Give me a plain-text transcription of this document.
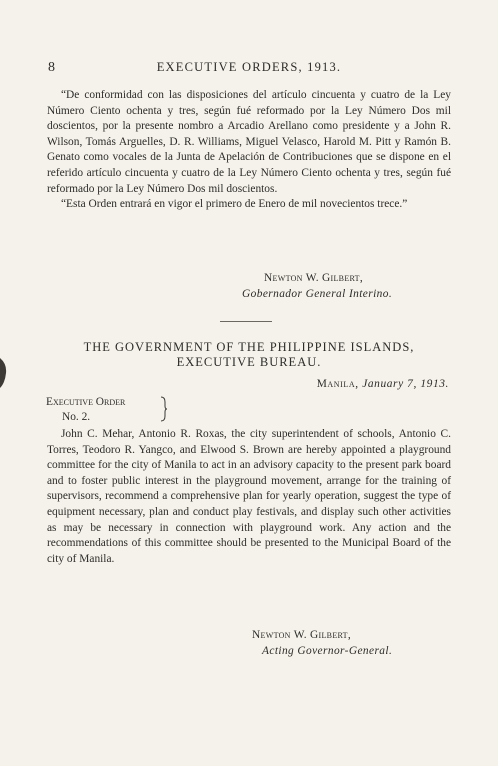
8	EXECUTIVE ORDERS, 1913.

“De conformidad con las disposiciones del artículo cincuenta y cuatro de la Ley Número Ciento ochenta y tres, según fué reformado por la Ley Número Dos mil doscientos, por la presente nombro a Arcadio Arellano como presidente y a John R. Wilson, Tomás Arguelles, D. R. Williams, Miguel Velasco, Harold M. Pitt y Ramón B. Genato como vocales de la Junta de Apelación de Contribuciones que se dispone en el referido artículo cincuenta y cuatro de la Ley Número Ciento ochenta y tres, según fué reformado por la Ley Número Dos mil doscientos.

“Esta Orden entrará en vigor el primero de Enero de mil novecientos trece.”

Newton W. Gilbert,
Gobernador General Interino.
THE GOVERNMENT OF THE PHILIPPINE ISLANDS,
EXECUTIVE BUREAU.
Manila, January 7, 1913.
Executive Order
No. 2.

John C. Mehar, Antonio R. Roxas, the city superintendent of schools, Antonio C. Torres, Teodoro R. Yangco, and Elwood S. Brown are hereby appointed a playground committee for the city of Manila to act in an advisory capacity to the present park board and to foster public interest in the playground movement, arrange for the training of supervisors, recommend a comprehensive plan for yearly operation, suggest the type of equipment necessary, plan and conduct play festivals, and display such other activities as may be necessary in connection with playground work. Any action and the recommendations of this committee should be presented to the Municipal Board of the city of Manila.

Newton W. Gilbert,
Acting Governor-General.
